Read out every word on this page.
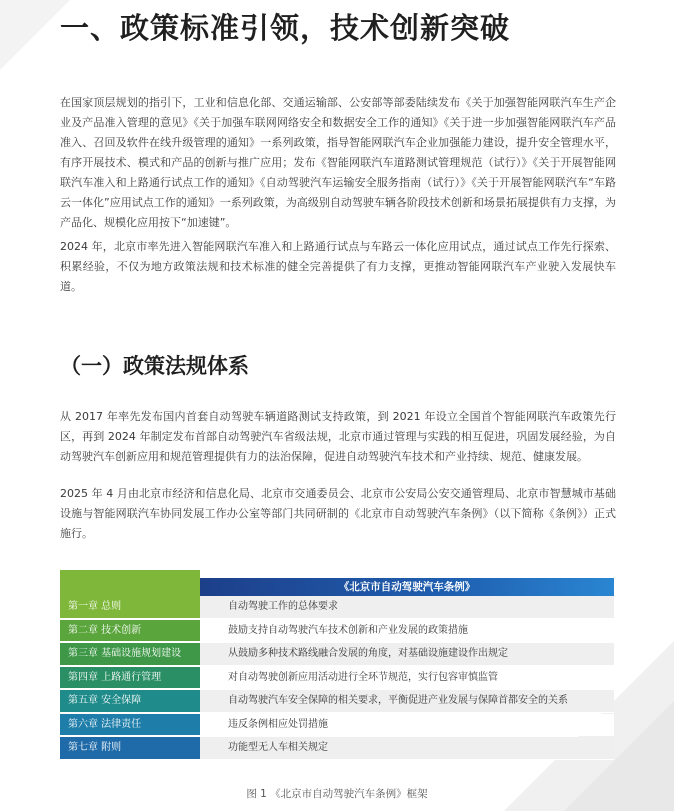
一、政策标准引领，技术创新突破

在国家顶层规划的指引下，工业和信息化部、交通运输部、公安部等部委陆续发布《关于加强智能网联汽车生产企业及产品准入管理的意见》《关于加强车联网网络安全和数据安全工作的通知》《关于进一步加强智能网联汽车产品准入、召回及软件在线升级管理的通知》一系列政策，指导智能网联汽车企业加强能力建设，提升安全管理水平，有序开展技术、模式和产品的创新与推广应用；发布《智能网联汽车道路测试管理规范（试行）》《关于开展智能网联汽车准入和上路通行试点工作的通知》《自动驾驶汽车运输安全服务指南（试行）》《关于开展智能网联汽车“车路云一体化”应用试点工作的通知》一系列政策，为高级别自动驾驶车辆各阶段技术创新和场景拓展提供有力支撑，为产品化、规模化应用按下“加速键”。

2024 年，北京市率先进入智能网联汽车准入和上路通行试点与车路云一体化应用试点，通过试点工作先行探索、积累经验，不仅为地方政策法规和技术标准的健全完善提供了有力支撑，更推动智能网联汽车产业驶入发展快车道。

（一）政策法规体系

从 2017 年率先发布国内首套自动驾驶车辆道路测试支持政策，到 2021 年设立全国首个智能网联汽车政策先行区，再到 2024 年制定发布首部自动驾驶汽车省级法规，北京市通过管理与实践的相互促进，巩固发展经验，为自动驾驶汽车创新应用和规范管理提供有力的法治保障，促进自动驾驶汽车技术和产业持续、规范、健康发展。

2025 年 4 月由北京市经济和信息化局、北京市交通委员会、北京市公安局公安交通管理局、北京市智慧城市基础设施与智能网联汽车协同发展工作办公室等部门共同研制的《北京市自动驾驶汽车条例》（以下简称《条例》）正式施行。

《北京市自动驾驶汽车条例》
第一章 总则	自动驾驶工作的总体要求
第二章 技术创新	鼓励支持自动驾驶汽车技术创新和产业发展的政策措施
第三章 基础设施规划建设	从鼓励多种技术路线融合发展的角度，对基础设施建设作出规定
第四章 上路通行管理	对自动驾驶创新应用活动进行全环节规范，实行包容审慎监管
第五章 安全保障	自动驾驶汽车安全保障的相关要求，平衡促进产业发展与保障首都安全的关系
第六章 法律责任	违反条例相应处罚措施
第七章 附则	功能型无人车相关规定
图 1 《北京市自动驾驶汽车条例》框架
